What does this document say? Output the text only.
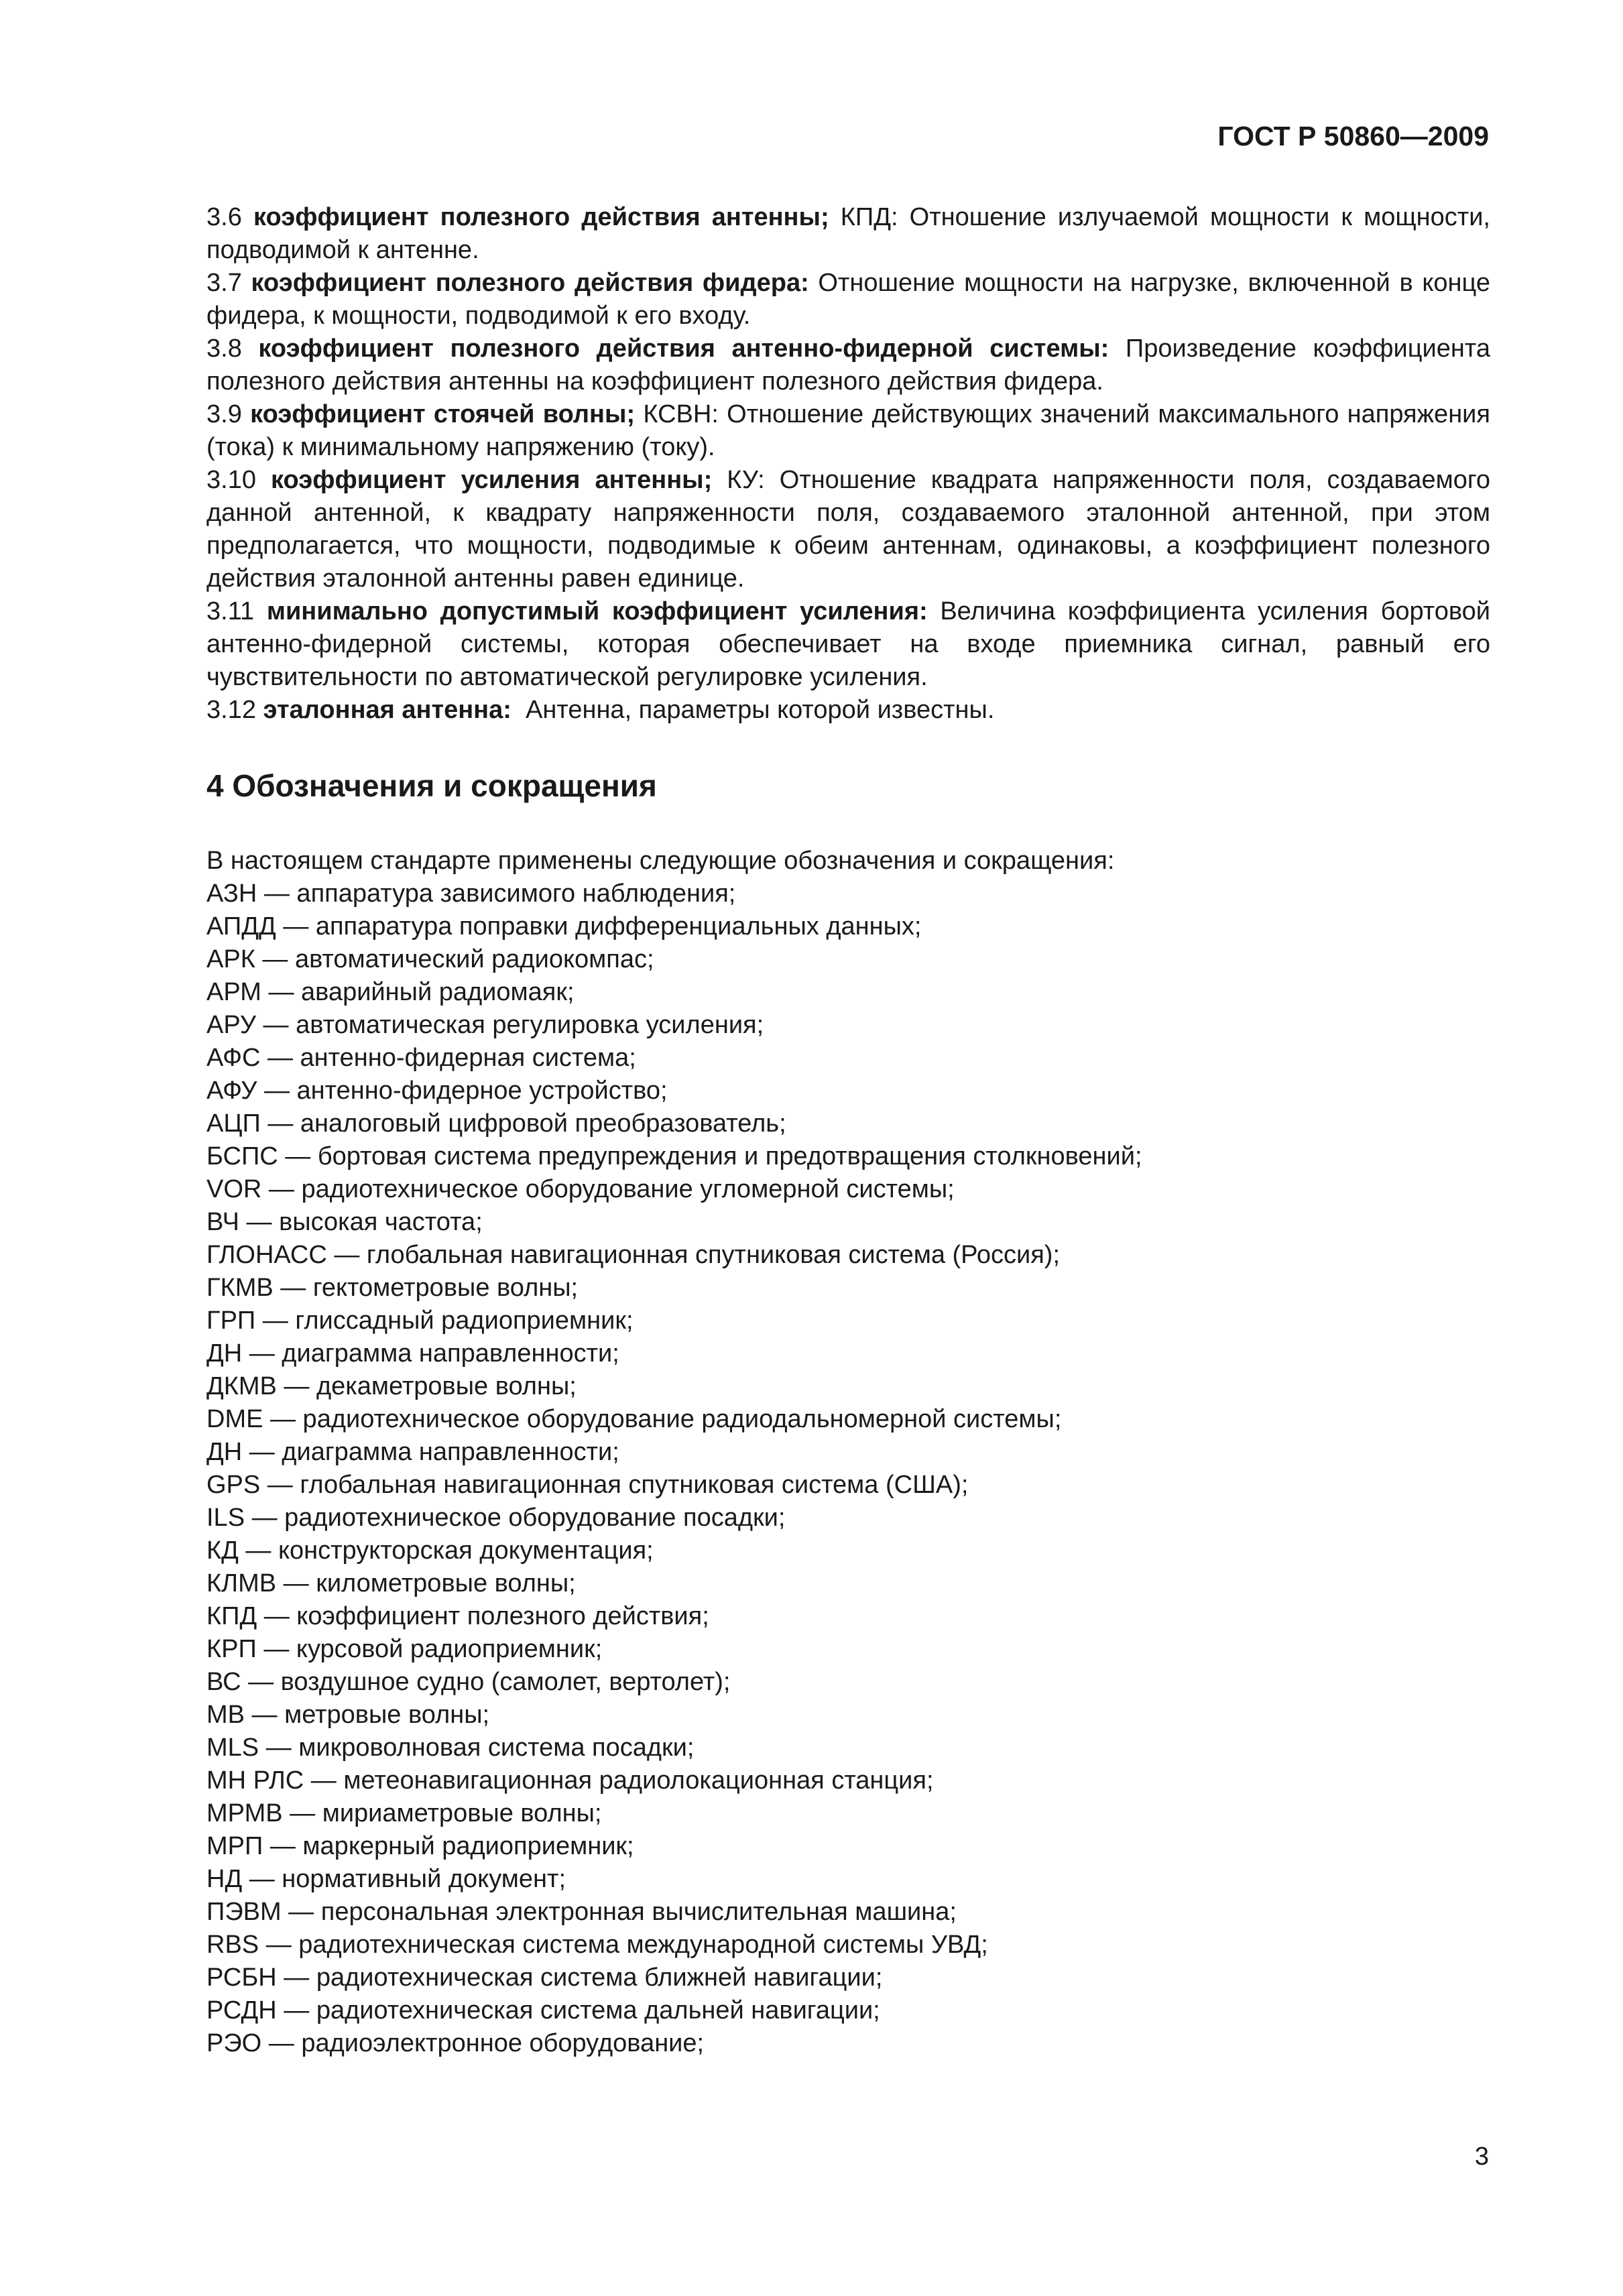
ГОСТ Р 50860—2009

3.6 коэффициент полезного действия антенны; КПД: Отношение излучаемой мощности к мощности, подводимой к антенне.

3.7 коэффициент полезного действия фидера: Отношение мощности на нагрузке, включенной в конце фидера, к мощности, подводимой к его входу.

3.8 коэффициент полезного действия антенно-фидерной системы: Произведение коэффициента полезного действия антенны на коэффициент полезного действия фидера.

3.9 коэффициент стоячей волны; КСВН: Отношение действующих значений максимального напряжения (тока) к минимальному напряжению (току).

3.10 коэффициент усиления антенны; КУ: Отношение квадрата напряженности поля, создаваемого данной антенной, к квадрату напряженности поля, создаваемого эталонной антенной, при этом предполагается, что мощности, подводимые к обеим антеннам, одинаковы, а коэффициент полезного действия эталонной антенны равен единице.

3.11 минимально допустимый коэффициент усиления: Величина коэффициента усиления бортовой антенно-фидерной системы, которая обеспечивает на входе приемника сигнал, равный его чувствительности по автоматической регулировке усиления.

3.12 эталонная антенна:  Антенна, параметры которой известны.

4 Обозначения и сокращения
В настоящем стандарте применены следующие обозначения и сокращения:
АЗН — аппаратура зависимого наблюдения;
АПДД — аппаратура поправки дифференциальных данных;
АРК — автоматический радиокомпас;
АРМ — аварийный радиомаяк;
АРУ — автоматическая регулировка усиления;
АФС — антенно-фидерная система;
АФУ — антенно-фидерное устройство;
АЦП — аналоговый цифровой преобразователь;
БСПС — бортовая система предупреждения и предотвращения столкновений;
VOR — радиотехническое оборудование угломерной системы;
ВЧ — высокая частота;
ГЛОНАСС — глобальная навигационная спутниковая система (Россия);
ГКМВ — гектометровые волны;
ГРП — глиссадный радиоприемник;
ДН — диаграмма направленности;
ДКМВ — декаметровые волны;
DME — радиотехническое оборудование радиодальномерной системы;
ДН — диаграмма направленности;
GPS — глобальная навигационная спутниковая система (США);
ILS — радиотехническое оборудование посадки;
КД — конструкторская документация;
КЛМВ — километровые волны;
КПД — коэффициент полезного действия;
КРП — курсовой радиоприемник;
ВС — воздушное судно (самолет, вертолет);
МВ — метровые волны;
MLS — микроволновая система посадки;
МН РЛС — метеонавигационная радиолокационная станция;
МРМВ — мириаметровые волны;
МРП — маркерный радиоприемник;
НД — нормативный документ;
ПЭВМ — персональная электронная вычислительная машина;
RBS — радиотехническая система международной системы УВД;
РСБН — радиотехническая система ближней навигации;
РСДН — радиотехническая система дальней навигации;
РЭО — радиоэлектронное оборудование;
3
